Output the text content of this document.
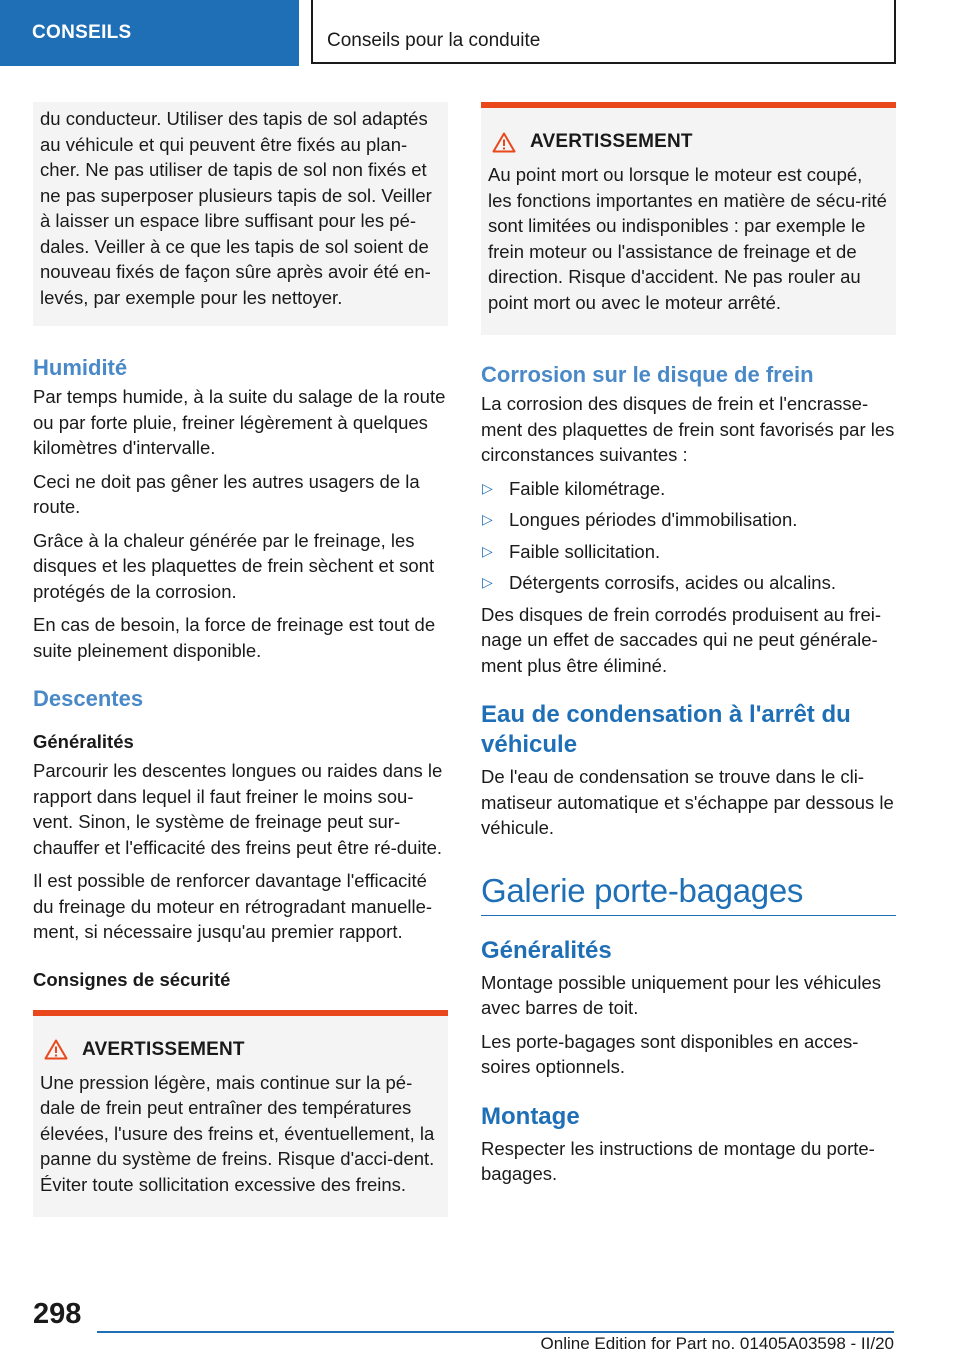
CONSEILS	Conseils pour la conduite

du conducteur. Utiliser des tapis de sol adaptés au véhicule et qui peuvent être fixés au plan-cher. Ne pas utiliser de tapis de sol non fixés et ne pas superposer plusieurs tapis de sol. Veiller à laisser un espace libre suffisant pour les pé-dales. Veiller à ce que les tapis de sol soient de nouveau fixés de façon sûre après avoir été en-levés, par exemple pour les nettoyer.

Humidité

Par temps humide, à la suite du salage de la route ou par forte pluie, freiner légèrement à quelques kilomètres d'intervalle.

Ceci ne doit pas gêner les autres usagers de la route.

Grâce à la chaleur générée par le freinage, les disques et les plaquettes de frein sèchent et sont protégés de la corrosion.

En cas de besoin, la force de freinage est tout de suite pleinement disponible.

Descentes
Généralités

Parcourir les descentes longues ou raides dans le rapport dans lequel il faut freiner le moins sou-vent. Sinon, le système de freinage peut sur-chauffer et l'efficacité des freins peut être ré-duite.

Il est possible de renforcer davantage l'efficacité du freinage du moteur en rétrogradant manuelle-ment, si nécessaire jusqu'au premier rapport.

Consignes de sécurité
AVERTISSEMENT

Une pression légère, mais continue sur la pé-dale de frein peut entraîner des températures élevées, l'usure des freins et, éventuellement, la panne du système de freins. Risque d'acci-dent. Éviter toute sollicitation excessive des freins.

AVERTISSEMENT

Au point mort ou lorsque le moteur est coupé, les fonctions importantes en matière de sécu-rité sont limitées ou indisponibles : par exemple le frein moteur ou l'assistance de freinage et de direction. Risque d'accident. Ne pas rouler au point mort ou avec le moteur arrêté.

Corrosion sur le disque de frein

La corrosion des disques de frein et l'encrasse-ment des plaquettes de frein sont favorisés par les circonstances suivantes :

▷ Faible kilométrage.
▷ Longues périodes d'immobilisation.
▷ Faible sollicitation.
▷ Détergents corrosifs, acides ou alcalins.

Des disques de frein corrodés produisent au frei-nage un effet de saccades qui ne peut générale-ment plus être éliminé.

Eau de condensation à l'arrêt du véhicule

De l'eau de condensation se trouve dans le cli-matiseur automatique et s'échappe par dessous le véhicule.

Galerie porte-bagages
Généralités

Montage possible uniquement pour les véhicules avec barres de toit.

Les porte-bagages sont disponibles en acces-soires optionnels.

Montage

Respecter les instructions de montage du porte-bagages.

298
Online Edition for Part no. 01405A03598 - II/20
